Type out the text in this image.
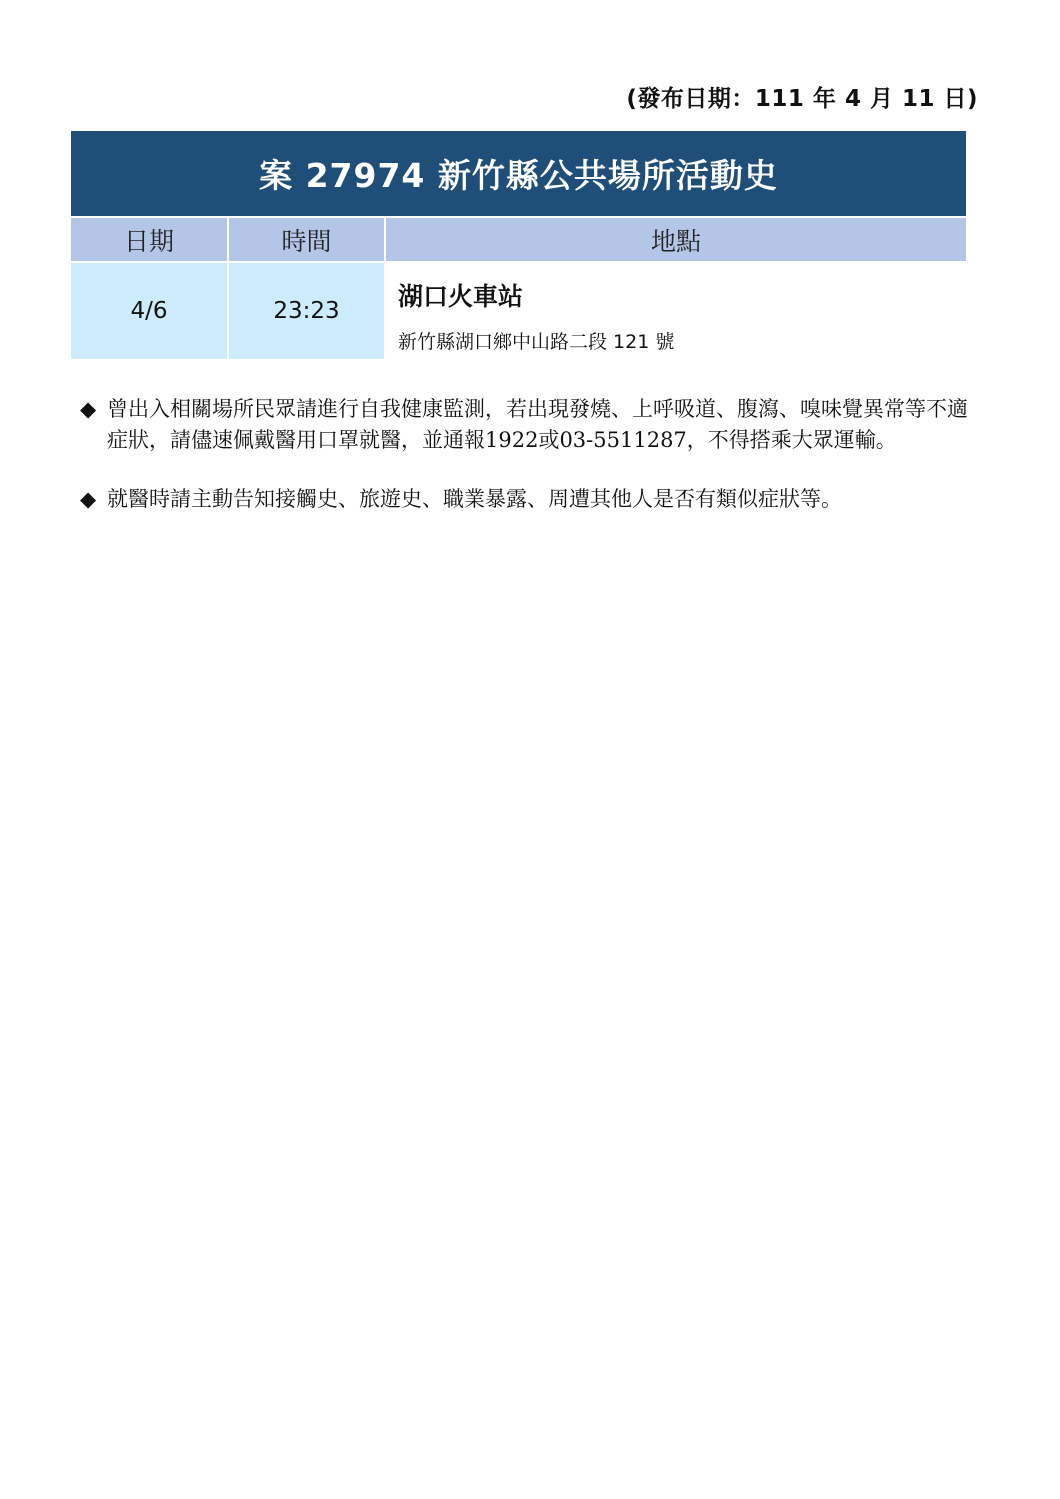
(發布日期：111 年 4 月 11 日)
案 27974 新竹縣公共場所活動史
日期	時間	地點
4/6	23:23	湖口火車站
新竹縣湖口鄉中山路二段 121 號

◆ 曾出入相關場所民眾請進行自我健康監測，若出現發燒、上呼吸道、腹瀉、嗅味覺異常等不適症狀，請儘速佩戴醫用口罩就醫，並通報1922或03-5511287，不得搭乘大眾運輸。

◆ 就醫時請主動告知接觸史、旅遊史、職業暴露、周遭其他人是否有類似症狀等。
